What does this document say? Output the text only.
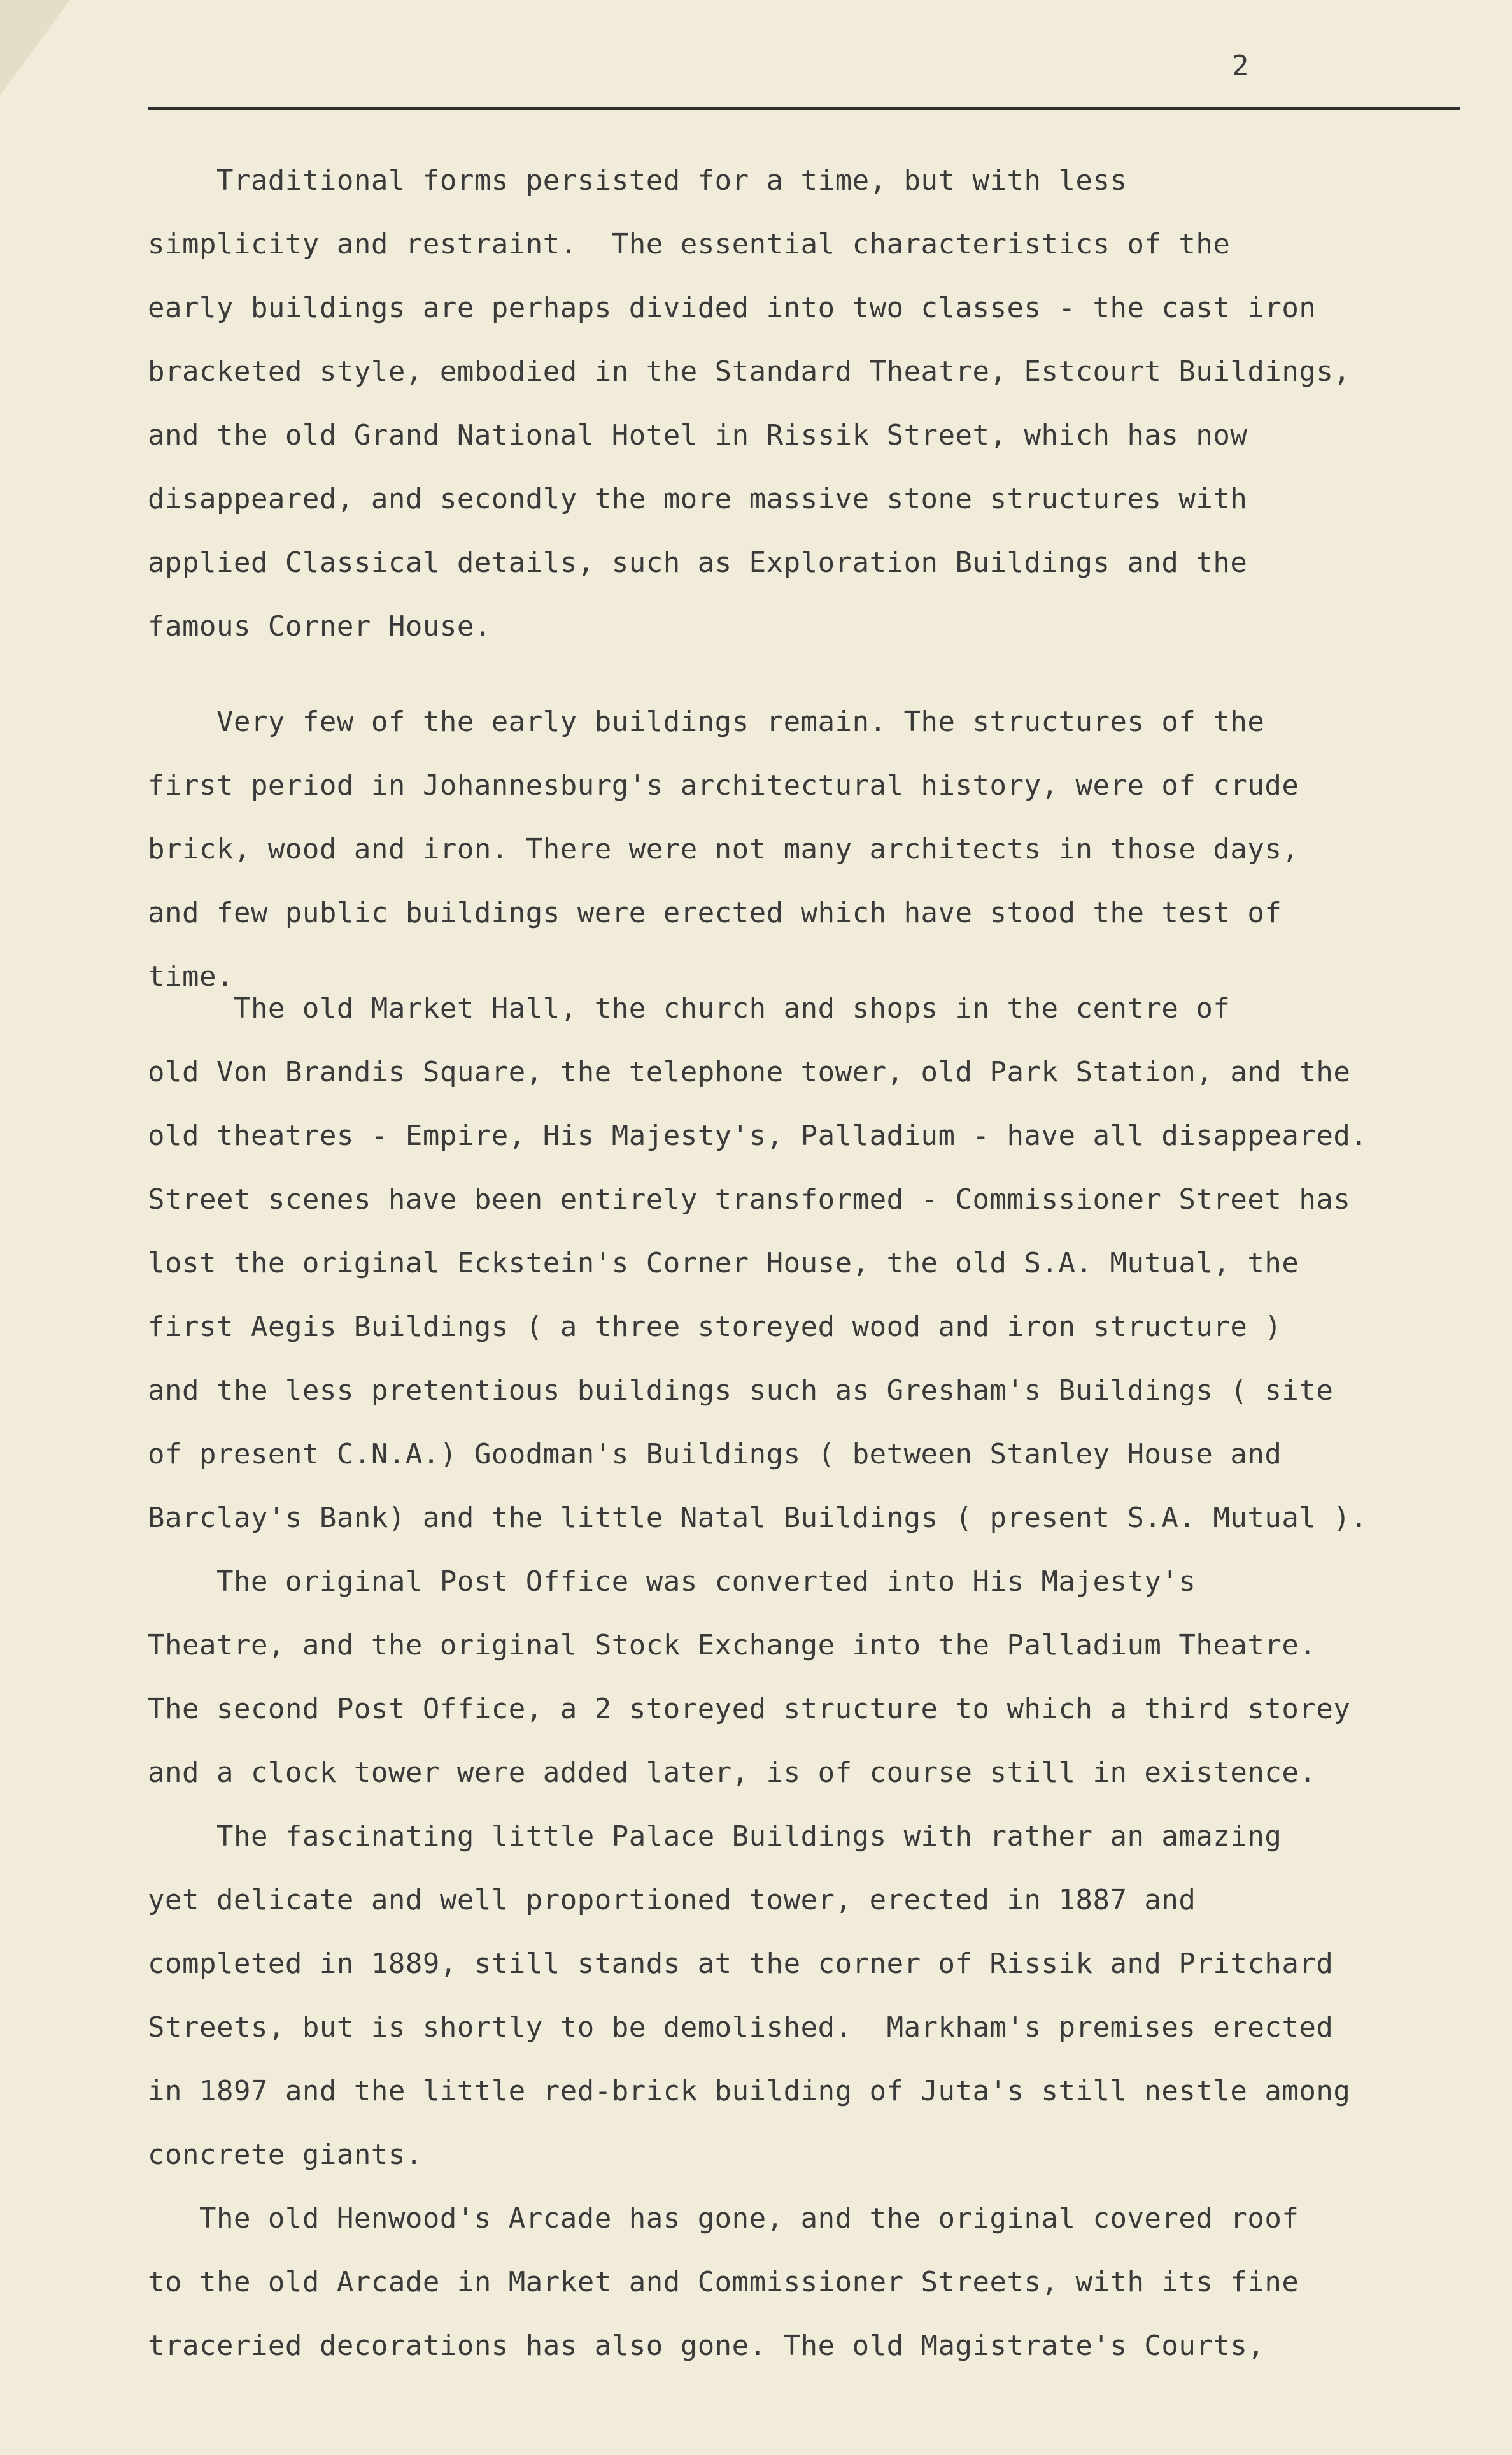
2
Traditional forms persisted for a time, but with less
simplicity and restraint.  The essential characteristics of the
early buildings are perhaps divided into two classes - the cast iron
bracketed style, embodied in the Standard Theatre, Estcourt Buildings,
and the old Grand National Hotel in Rissik Street, which has now
disappeared, and secondly the more massive stone structures with
applied Classical details, such as Exploration Buildings and the
famous Corner House.
Very few of the early buildings remain. The structures of the
first period in Johannesburg's architectural history, were of crude
brick, wood and iron. There were not many architects in those days,
and few public buildings were erected which have stood the test of
time.
The old Market Hall, the church and shops in the centre of
old Von Brandis Square, the telephone tower, old Park Station, and the
old theatres - Empire, His Majesty's, Palladium - have all disappeared.
Street scenes have been entirely transformed - Commissioner Street has
lost the original Eckstein's Corner House, the old S.A. Mutual, the
first Aegis Buildings ( a three storeyed wood and iron structure )
and the less pretentious buildings such as Gresham's Buildings ( site
of present C.N.A.) Goodman's Buildings ( between Stanley House and
Barclay's Bank) and the little Natal Buildings ( present S.A. Mutual ).
The original Post Office was converted into His Majesty's
Theatre, and the original Stock Exchange into the Palladium Theatre.
The second Post Office, a 2 storeyed structure to which a third storey
and a clock tower were added later, is of course still in existence.
The fascinating little Palace Buildings with rather an amazing
yet delicate and well proportioned tower, erected in 1887 and
completed in 1889, still stands at the corner of Rissik and Pritchard
Streets, but is shortly to be demolished.  Markham's premises erected
in 1897 and the little red-brick building of Juta's still nestle among
concrete giants.
The old Henwood's Arcade has gone, and the original covered roof
to the old Arcade in Market and Commissioner Streets, with its fine
traceried decorations has also gone. The old Magistrate's Courts,
